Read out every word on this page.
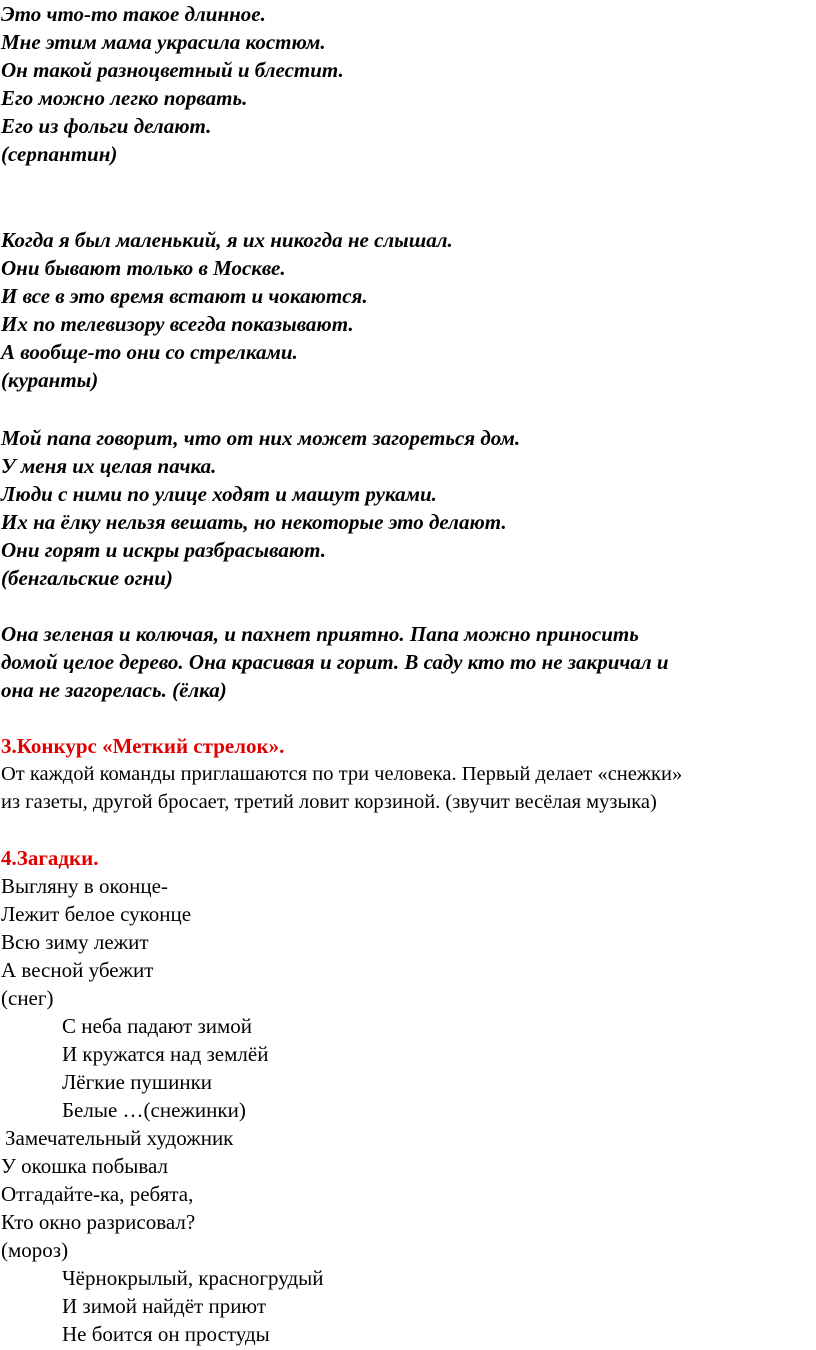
Это что-то такое длинное.

Мне этим мама украсила костюм.

Он такой разноцветный и блестит.

Его можно легко порвать.

Его из фольги делают.

(серпантин)

Когда я был маленький, я их никогда не слышал.

Они бывают только в Москве.

И все в это время встают и чокаются.

Их по телевизору всегда показывают.

А вообще-то они со стрелками.

(куранты)

Мой папа говорит, что от них может загореться дом.

У меня их целая пачка.

Люди с ними по улице ходят и машут руками.

Их на ёлку нельзя вешать, но некоторые это делают.

Они горят и искры разбрасывают.

(бенгальские огни)

Она зеленая и колючая, и пахнет приятно. Папа можно приносить

домой целое дерево. Она красивая и горит. В саду кто то не закричал и

она не загорелась. (ёлка)

3.Конкурс «Меткий стрелок».

От каждой команды приглашаются по три человека. Первый делает «снежки»

из газеты, другой бросает, третий ловит корзиной. (звучит весёлая музыка)

4.Загадки.

Выгляну в оконце-

Лежит белое суконце

Всю зиму лежит

А весной убежит

(снег)

С неба падают зимой

И кружатся над землёй

Лёгкие пушинки

Белые …(снежинки)

Замечательный художник

У окошка побывал

Отгадайте-ка, ребята,

Кто окно разрисовал?

(мороз)

Чёрнокрылый, красногрудый

И зимой найдёт приют

Не боится он простуды
